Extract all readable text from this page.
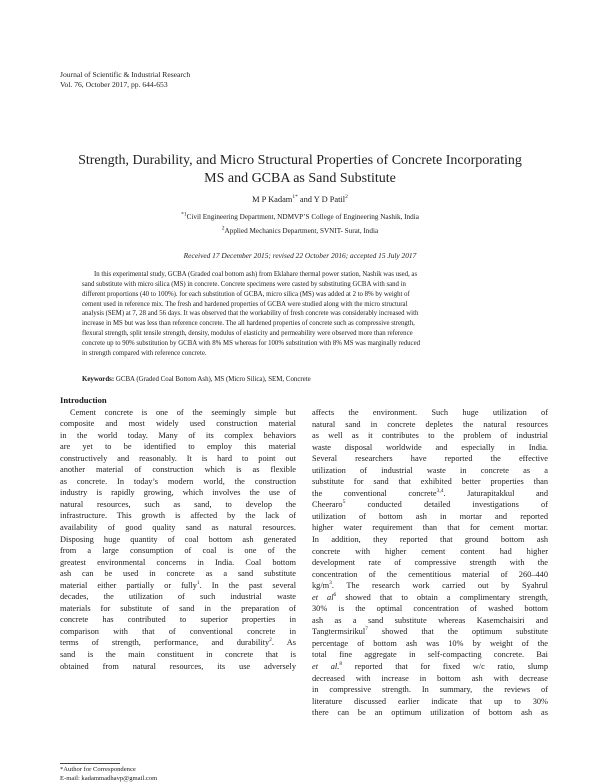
Journal of Scientific & Industrial Research
Vol. 76, October 2017, pp. 644-653
Strength, Durability, and Micro Structural Properties of Concrete Incorporating
MS and GCBA as Sand Substitute
M P Kadam$^{1*}$ and Y D Patil$^2$
$^{*1}$Civil Engineering Department, NDMVP’S College of Engineering Nashik, India
$^2$Applied Mechanics Department, SVNIT- Surat, India
Received 17 December 2015; revised 22 October 2016; accepted 15 July 2017
In this experimental study, GCBA (Graded coal bottom ash) from Eklahare thermal power station, Nashik was used, as
sand substitute with micro silica (MS) in concrete. Concrete specimens were casted by substituting GCBA with sand in
different proportions (40 to 100%). for each substitution of GCBA, micro silica (MS) was added at 2 to 8% by weight of
cement used in reference mix. The fresh and hardened properties of GCBA were studied along with the micro structural
analysis (SEM) at 7, 28 and 56 days. It was observed that the workability of fresh concrete was considerably increased with
increase in MS but was less than reference concrete. The all hardened properties of concrete such as compressive strength,
flexural strength, split tensile strength, density, modulus of elasticity and permeability were observed more than reference
concrete up to 90% substitution by GCBA with 8% MS whereas for 100% substitution with 8% MS was marginally reduced
in strength compared with reference concrete.
Keywords: GCBA (Graded Coal Bottom Ash), MS (Micro Silica), SEM, Concrete
Introduction
Cement concrete is one of the seemingly simple but
composite and most widely used construction material
in the world today. Many of its complex behaviors
are yet to be identified to employ this material
constructively and reasonably. It is hard to point out
another material of construction which is as flexible
as concrete. In today’s modern world, the construction
industry is rapidly growing, which involves the use of
natural resources, such as sand, to develop the
infrastructure. This growth is affected by the lack of
availability of good quality sand as natural resources.
Disposing huge quantity of coal bottom ash generated
from a large consumption of coal is one of the
greatest environmental concerns in India. Coal bottom
ash can be used in concrete as a sand substitute
material either partially or fully$^1$. In the past several
decades, the utilization of such industrial waste
materials for substitute of sand in the preparation of
concrete has contributed to superior properties in
comparison with that of conventional concrete in
terms of strength, performance, and durability$^2$. As
sand is the main constituent in concrete that is
obtained from natural resources, its use adversely
affects the environment. Such huge utilization of
natural sand in concrete depletes the natural resources
as well as it contributes to the problem of industrial
waste disposal worldwide and especially in India.
Several researchers have reported the effective
utilization of industrial waste in concrete as a
substitute for sand that exhibited better properties than
the conventional concrete$^{3,4}$. Jaturapitakkul and
Cheeraro$^5$ conducted detailed investigations of
utilization of bottom ash in mortar and reported
higher water requirement than that for cement mortar.
In addition, they reported that ground bottom ash
concrete with higher cement content had higher
development rate of compressive strength with the
concentration of the cementitious material of 260–440
$kg/m^3$. The research work carried out by Syahrul
et $al^6$ showed that to obtain a complimentary strength,
30% is the optimal concentration of washed bottom
ash as a sand substitute whereas Kasemchaisiri and
Tangtermsirikul$^7$ showed that the optimum substitute
percentage of bottom ash was 10% by weight of the
total fine aggregate in self-compacting concrete. Bai
et al.$^8$ reported that for fixed w/c ratio, slump
decreased with increase in bottom ash with decrease
in compressive strength. In summary, the reviews of
literature discussed earlier indicate that up to 30%
there can be an optimum utilization of bottom ash as
*Author for Correspondence
E-mail: kadammadhavp@gmail.com
